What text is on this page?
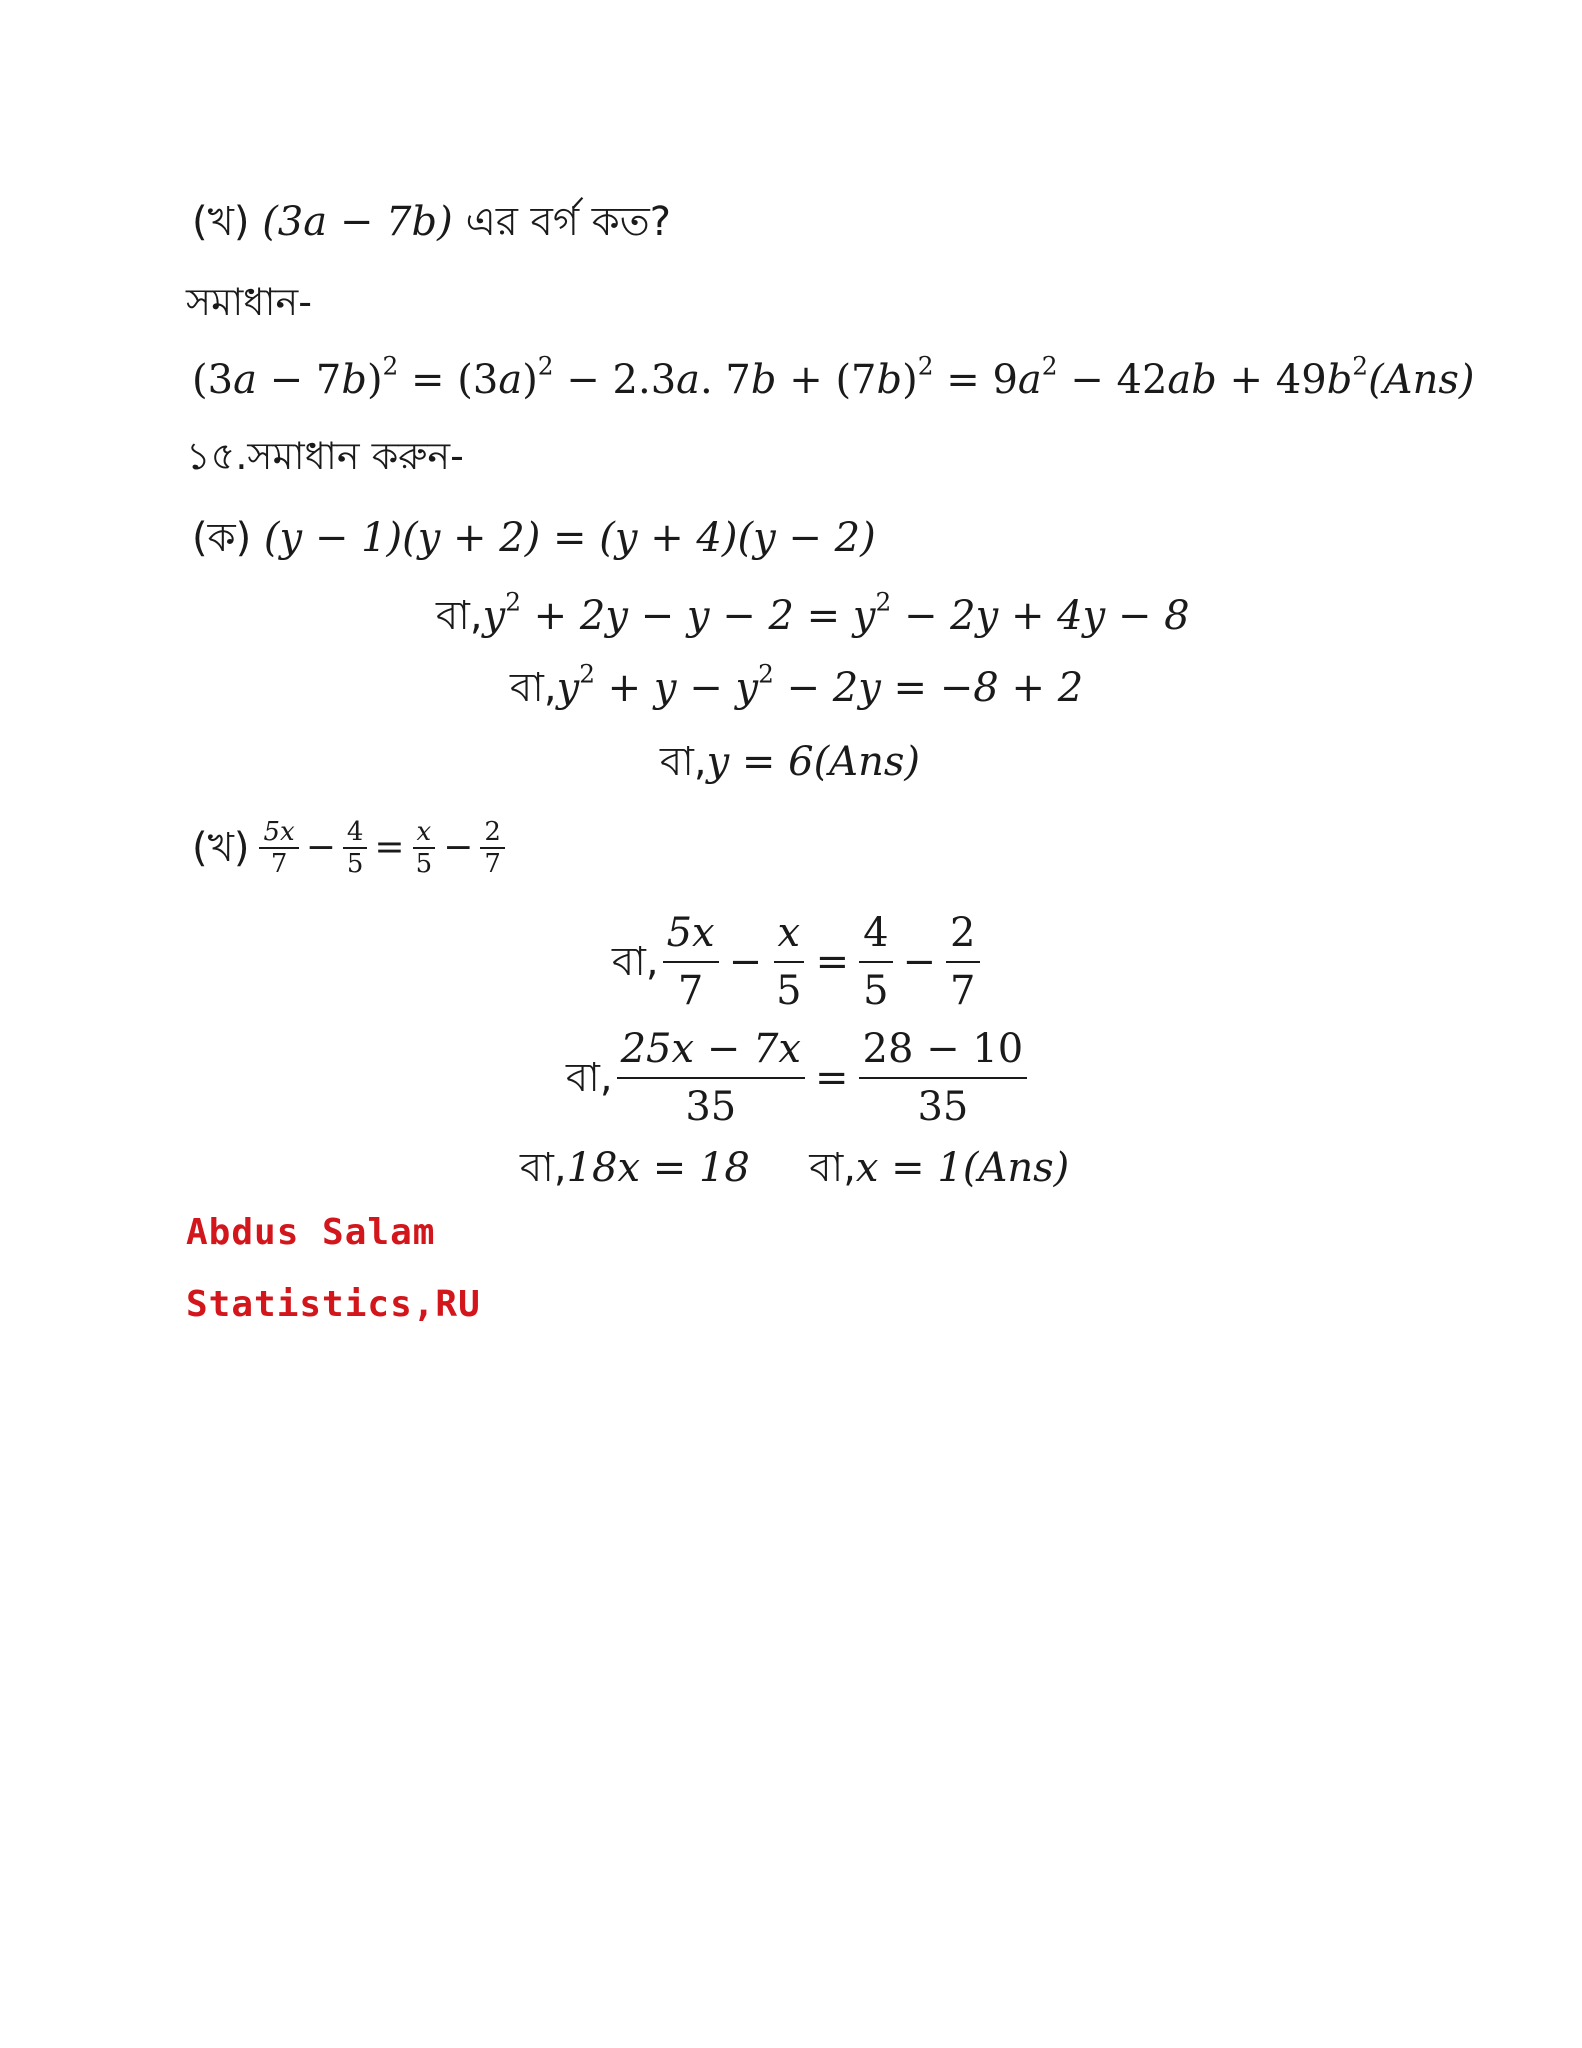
(খ) (3a − 7b) এর বর্গ কত?
সমাধান-
$(3a - 7b)^2 = (3a)^2 - 2.3a$. $7b + (7b)^2 = 9a^2 - 42ab + 49b^2(Ans)$
১৫.সমাধান করুন-
(ক) (y − 1)(y + 2) = (y + 4)(y − 2)
$বা,y^2 + 2y - y - 2 = y^2 - 2y + 4y - 8$
$বা,y^2 + y - y^2 - 2y = -8 + 2$
বা,y = 6(Ans)
(খ) $\frac{5x}{7} - \frac{4}{5} = \frac{x}{5} - \frac{2}{7}$
বা, $\frac{5x}{7} - \frac{x}{5} = \frac{4}{5} - \frac{2}{7}$
বা, $\frac{25x - 7x}{35} = \frac{28 - 10}{35}$
বা,18x = 18 বা,x = 1(Ans)
Abdus Salam
Statistics,RU
